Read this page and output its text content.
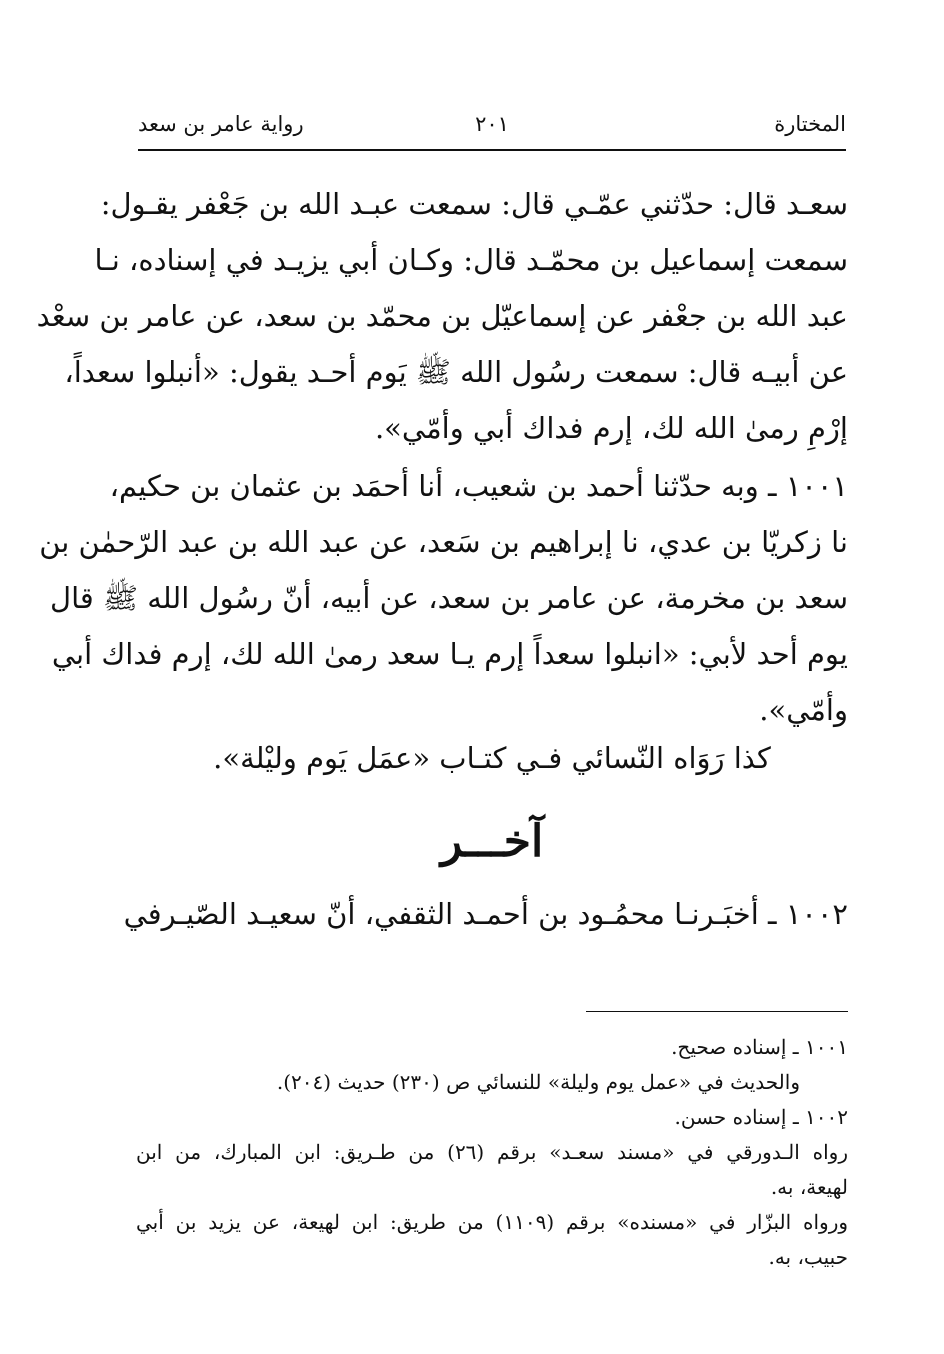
المختارة
٢٠١
رواية عامر بن سعد
سعـد قال: حدّثني عمّـي قال: سمعت عبـد الله بن جَعْفر يقـول:
سمعت إسماعيل بن محمّـد قال: وكـان أبي يزيـد في إسناده، نـا
عبد الله بن جعْفر عن إسماعيّل بن محمّد بن سعد، عن عامر بن سعْد
عن أبيـه قال: سمعت رسُول الله ﷺ يَوم أحـد يقول: «أنبلوا سعداً،
إرْمِ رمىٰ الله لك، إرم فداك أبي وأمّي».
١٠٠١ ـ وبه حدّثنا أحمد بن شعيب، أنا أحمَد بن عثمان بن حكيم،
نا زكريّا بن عدي، نا إبراهيم بن سَعد، عن عبد الله بن عبد الرّحمٰن بن
سعد بن مخرمة، عن عامر بن سعد، عن أبيه، أنّ رسُول الله ﷺ قال
يوم أحد لأبي: «انبلوا سعداً إرم يـا سعد رمىٰ الله لك، إرم فداك أبي
وأمّي».
كذا رَوَاه النّسائي فـي كتـاب «عمَل يَوم وليْلة».
آخـــر
١٠٠٢ ـ أخبَـرنـا محمُـود بن أحمـد الثقفي، أنّ سعيـد الصّيـرفي
١٠٠١ ـ إسناده صحيح.
والحديث في «عمل يوم وليلة» للنسائي ص (٢٣٠) حديث (٢٠٤).
١٠٠٢ ـ إسناده حسن.
رواه الـدورقي في «مسند سعـد» برقم (٢٦) من طـريق: ابن المبارك، من ابن
لهيعة، به.
ورواه البزّار في «مسنده» برقم (١١٠٩) من طريق: ابن لهيعة، عن يزيد بن أبي
حبيب، به.
